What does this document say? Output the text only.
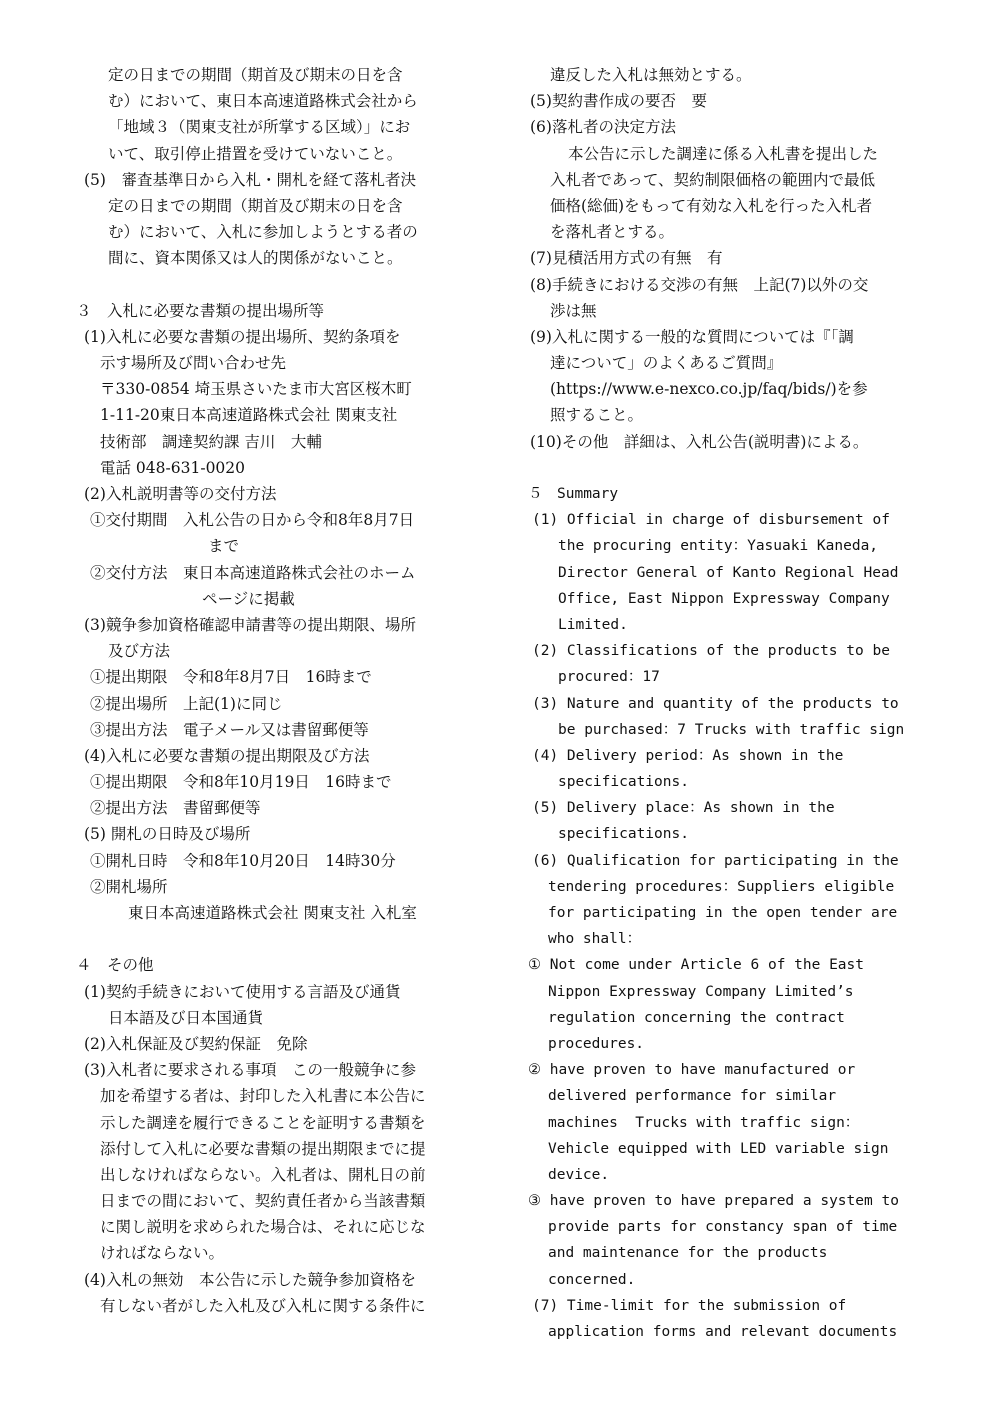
定の日までの期間（期首及び期末の日を含
む）において、東日本高速道路株式会社から
「地域３（関東支社が所掌する区域）」にお
いて、取引停止措置を受けていないこと。
(5)　審査基準日から入札・開札を経て落札者決
定の日までの期間（期首及び期末の日を含
む）において、入札に参加しようとする者の
間に、資本関係又は人的関係がないこと。
３　入札に必要な書類の提出場所等
(1)入札に必要な書類の提出場所、契約条項を
示す場所及び問い合わせ先
〒330-0854 埼玉県さいたま市大宮区桜木町
1-11-20東日本高速道路株式会社 関東支社
技術部　調達契約課 吉川　大輔
電話 048-631-0020
(2)入札説明書等の交付方法
①交付期間　入札公告の日から令和8年8月7日
まで
②交付方法　東日本高速道路株式会社のホーム
ページに掲載
(3)競争参加資格確認申請書等の提出期限、場所
及び方法
①提出期限　令和8年8月7日　16時まで
②提出場所　上記(1)に同じ
③提出方法　電子メール又は書留郵便等
(4)入札に必要な書類の提出期限及び方法
①提出期限　令和8年10月19日　16時まで
②提出方法　書留郵便等
(5) 開札の日時及び場所
①開札日時　令和8年10月20日　14時30分
②開札場所
東日本高速道路株式会社 関東支社 入札室
４　その他
(1)契約手続きにおいて使用する言語及び通貨
日本語及び日本国通貨
(2)入札保証及び契約保証　免除
(3)入札者に要求される事項　この一般競争に参
加を希望する者は、封印した入札書に本公告に
示した調達を履行できることを証明する書類を
添付して入札に必要な書類の提出期限までに提
出しなければならない。入札者は、開札日の前
日までの間において、契約責任者から当該書類
に関し説明を求められた場合は、それに応じな
ければならない。
(4)入札の無効　本公告に示した競争参加資格を
有しない者がした入札及び入札に関する条件に
違反した入札は無効とする。
(5)契約書作成の要否　要
(6)落札者の決定方法
本公告に示した調達に係る入札書を提出した
入札者であって、契約制限価格の範囲内で最低
価格(総価)をもって有効な入札を行った入札者
を落札者とする。
(7)見積活用方式の有無　有
(8)手続きにおける交渉の有無　上記(7)以外の交
渉は無
(9)入札に関する一般的な質問については『「調
達について」のよくあるご質問』
(https://www.e-nexco.co.jp/faq/bids/)を参
照すること。
(10)その他　詳細は、入札公告(説明書)による。
５　Summary
(1) Official in charge of disbursement of
the procuring entity：Yasuaki Kaneda,
Director General of Kanto Regional Head
Office, East Nippon Expressway Company
Limited.
(2) Classifications of the products to be
procured：17
(3) Nature and quantity of the products to
be purchased：7 Trucks with traffic sign
(4) Delivery period：As shown in the
specifications.
(5) Delivery place：As shown in the
specifications.
(6) Qualification for participating in the
tendering procedures：Suppliers eligible
for participating in the open tender are
who shall：
① Not come under Article 6 of the East
Nippon Expressway Company Limited’s
regulation concerning the contract
procedures.
② have proven to have manufactured or
delivered performance for similar
machines  Trucks with traffic sign：
Vehicle equipped with LED variable sign
device.
③ have proven to have prepared a system to
provide parts for constancy span of time
and maintenance for the products
concerned.
(7) Time-limit for the submission of
application forms and relevant documents
